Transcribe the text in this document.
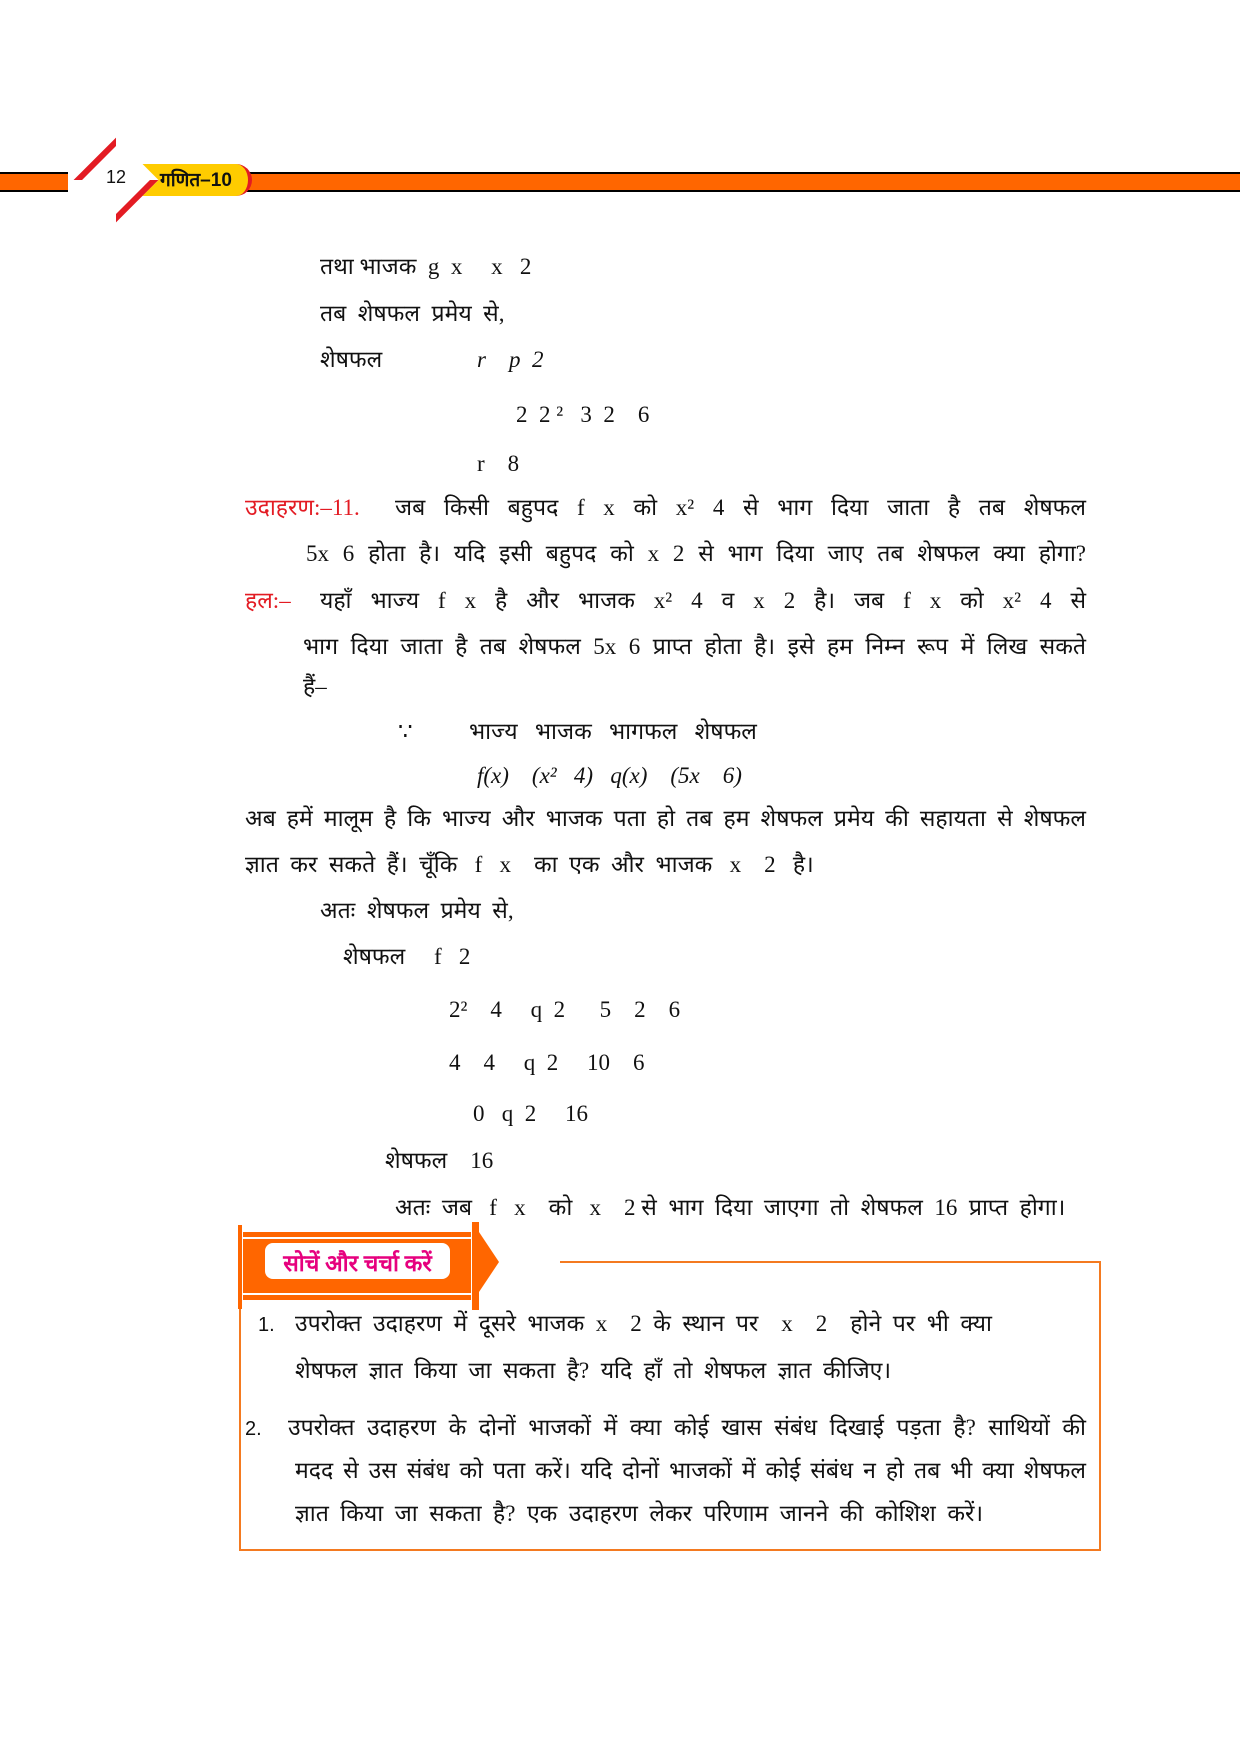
गणित–10
12
तथा भाजक  g  x     x   2
तब  शेषफल  प्रमेय  से,
शेषफल	r    p  2
2  2 ²   3  2    6
r    8
उदाहरण:–11. जब किसी बहुपद f x को x² 4 से भाग दिया जाता है तब शेषफल
5x 6 होता है। यदि इसी बहुपद को x 2 से भाग दिया जाए तब शेषफल क्या होगा?
हल:– यहाँ भाज्य f x है और भाजक x² 4 व x 2 है। जब f x को x² 4 से
भाग दिया जाता है तब शेषफल 5x 6 प्राप्त होता है। इसे हम निम्न रूप में लिख सकते
हैं–
∵ भाज्य   भाजक   भागफल   शेषफल
f(x)    (x²   4)   q(x)    (5x    6)
अब हमें मालूम है कि भाज्य और भाजक पता हो तब हम शेषफल प्रमेय की सहायता से शेषफल
ज्ञात  कर  सकते  हैं।  चूँकि   f   x    का  एक  और  भाजक   x    2   है।
अतः  शेषफल  प्रमेय  से,
शेषफल     f   2
2²    4     q  2      5    2    6
4    4     q  2     10    6
0   q  2     16
शेषफल    16
अतः  जब   f   x    को   x    2 से  भाग  दिया  जाएगा  तो  शेषफल  16  प्राप्त  होगा।
सोचें और चर्चा करें
1. उपरोक्त  उदाहरण  में  दूसरे  भाजक  x    2  के  स्थान  पर    x    2    होने  पर  भी  क्या
शेषफल  ज्ञात  किया  जा  सकता  है?  यदि  हाँ  तो  शेषफल  ज्ञात  कीजिए।
2. उपरोक्त उदाहरण के दोनों भाजकों में क्या कोई खास संबंध दिखाई पड़ता है? साथियों की
मदद से उस संबंध को पता करें। यदि दोनों भाजकों में कोई संबंध न हो तब भी क्या शेषफल
ज्ञात  किया  जा  सकता  है?  एक  उदाहरण  लेकर  परिणाम  जानने  की  कोशिश  करें।
